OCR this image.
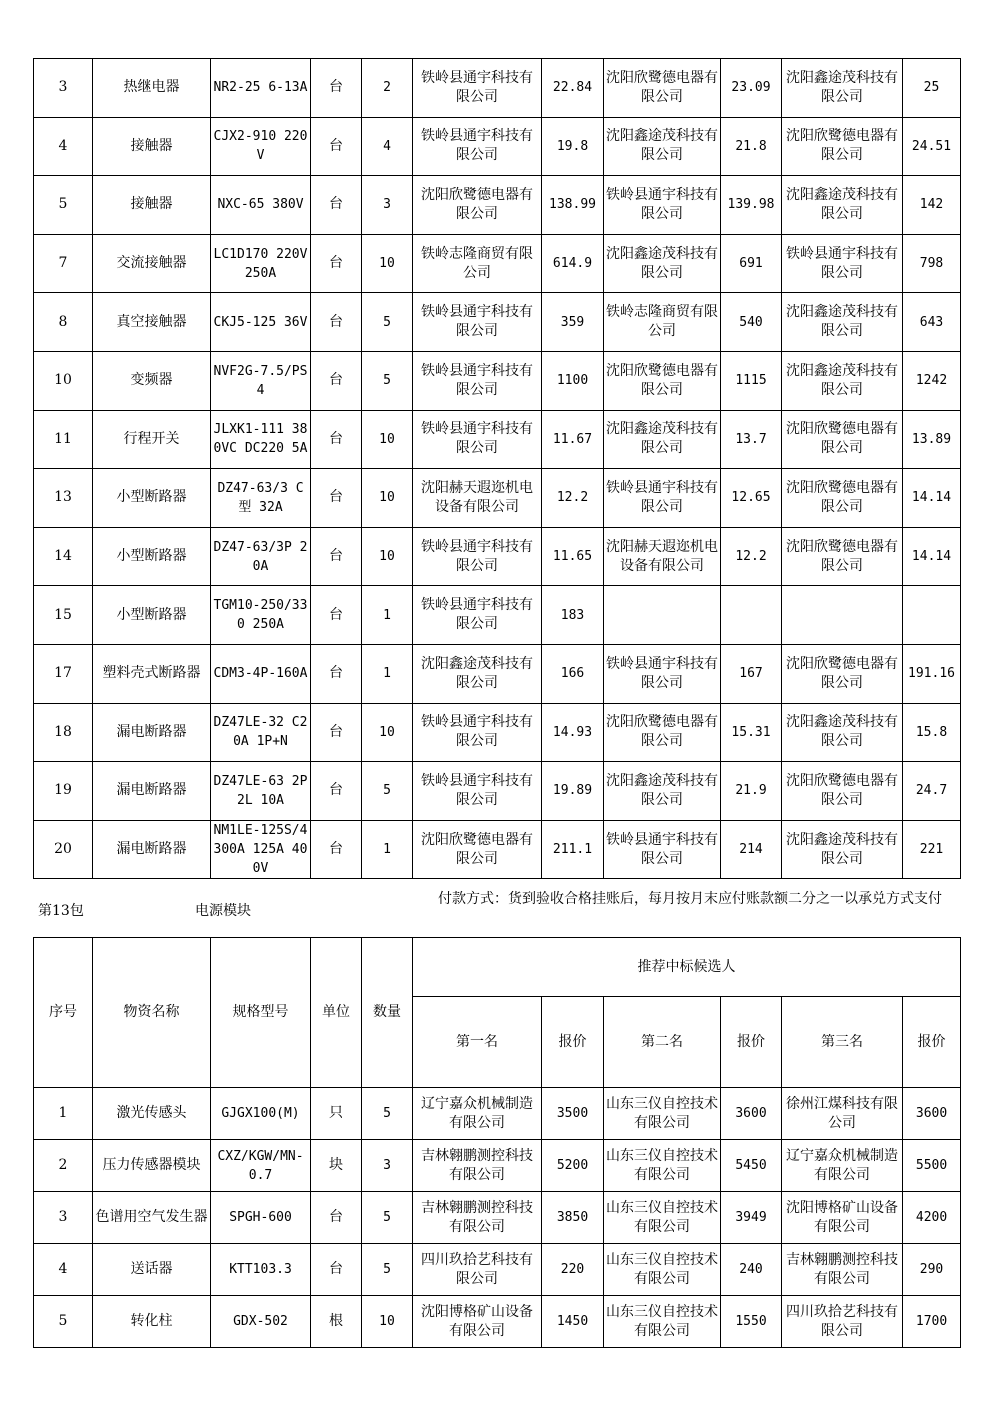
3	热继电器	NR2-25 6-13A	台	2	铁岭县通宇科技有限公司	22.84	沈阳欣鹭德电器有限公司	23.09	沈阳鑫途茂科技有限公司	25
4	接触器	CJX2-910 220V	台	4	铁岭县通宇科技有限公司	19.8	沈阳鑫途茂科技有限公司	21.8	沈阳欣鹭德电器有限公司	24.51
5	接触器	NXC-65 380V	台	3	沈阳欣鹭德电器有限公司	138.99	铁岭县通宇科技有限公司	139.98	沈阳鑫途茂科技有限公司	142
7	交流接触器	LC1D170 220V 250A	台	10	铁岭志隆商贸有限公司	614.9	沈阳鑫途茂科技有限公司	691	铁岭县通宇科技有限公司	798
8	真空接触器	CKJ5-125 36V	台	5	铁岭县通宇科技有限公司	359	铁岭志隆商贸有限公司	540	沈阳鑫途茂科技有限公司	643
10	变频器	NVF2G-7.5/PS4	台	5	铁岭县通宇科技有限公司	1100	沈阳欣鹭德电器有限公司	1115	沈阳鑫途茂科技有限公司	1242
11	行程开关	JLXK1-111 380VC DC220 5A	台	10	铁岭县通宇科技有限公司	11.67	沈阳鑫途茂科技有限公司	13.7	沈阳欣鹭德电器有限公司	13.89
13	小型断路器	DZ47-63/3 C型 32A	台	10	沈阳赫天遐迩机电设备有限公司	12.2	铁岭县通宇科技有限公司	12.65	沈阳欣鹭德电器有限公司	14.14
14	小型断路器	DZ47-63/3P 20A	台	10	铁岭县通宇科技有限公司	11.65	沈阳赫天遐迩机电设备有限公司	12.2	沈阳欣鹭德电器有限公司	14.14
15	小型断路器	TGM10-250/330 250A	台	1	铁岭县通宇科技有限公司	183				
17	塑料壳式断路器	CDM3-4P-160A	台	1	沈阳鑫途茂科技有限公司	166	铁岭县通宇科技有限公司	167	沈阳欣鹭德电器有限公司	191.16
18	漏电断路器	DZ47LE-32 C20A 1P+N	台	10	铁岭县通宇科技有限公司	14.93	沈阳欣鹭德电器有限公司	15.31	沈阳鑫途茂科技有限公司	15.8
19	漏电断路器	DZ47LE-63 2P2L 10A	台	5	铁岭县通宇科技有限公司	19.89	沈阳鑫途茂科技有限公司	21.9	沈阳欣鹭德电器有限公司	24.7
20	漏电断路器	NM1LE-125S/4300A 125A 400V	台	1	沈阳欣鹭德电器有限公司	211.1	铁岭县通宇科技有限公司	214	沈阳鑫途茂科技有限公司	221
第13包	电源模块
付款方式：货到验收合格挂账后，每月按月末应付账款额二分之一以承兑方式支付
序号	物资名称	规格型号	单位	数量	推荐中标候选人					
					第一名	报价	第二名	报价	第三名	报价
1	激光传感头	GJGX100(M)	只	5	辽宁嘉众机械制造有限公司	3500	山东三仪自控技术有限公司	3600	徐州江煤科技有限公司	3600
2	压力传感器模块	CXZ/KGW/MN-0.7	块	3	吉林翱鹏测控科技有限公司	5200	山东三仪自控技术有限公司	5450	辽宁嘉众机械制造有限公司	5500
3	色谱用空气发生器	SPGH-600	台	5	吉林翱鹏测控科技有限公司	3850	山东三仪自控技术有限公司	3949	沈阳博格矿山设备有限公司	4200
4	送话器	KTT103.3	台	5	四川玖拾艺科技有限公司	220	山东三仪自控技术有限公司	240	吉林翱鹏测控科技有限公司	290
5	转化柱	GDX-502	根	10	沈阳博格矿山设备有限公司	1450	山东三仪自控技术有限公司	1550	四川玖拾艺科技有限公司	1700
